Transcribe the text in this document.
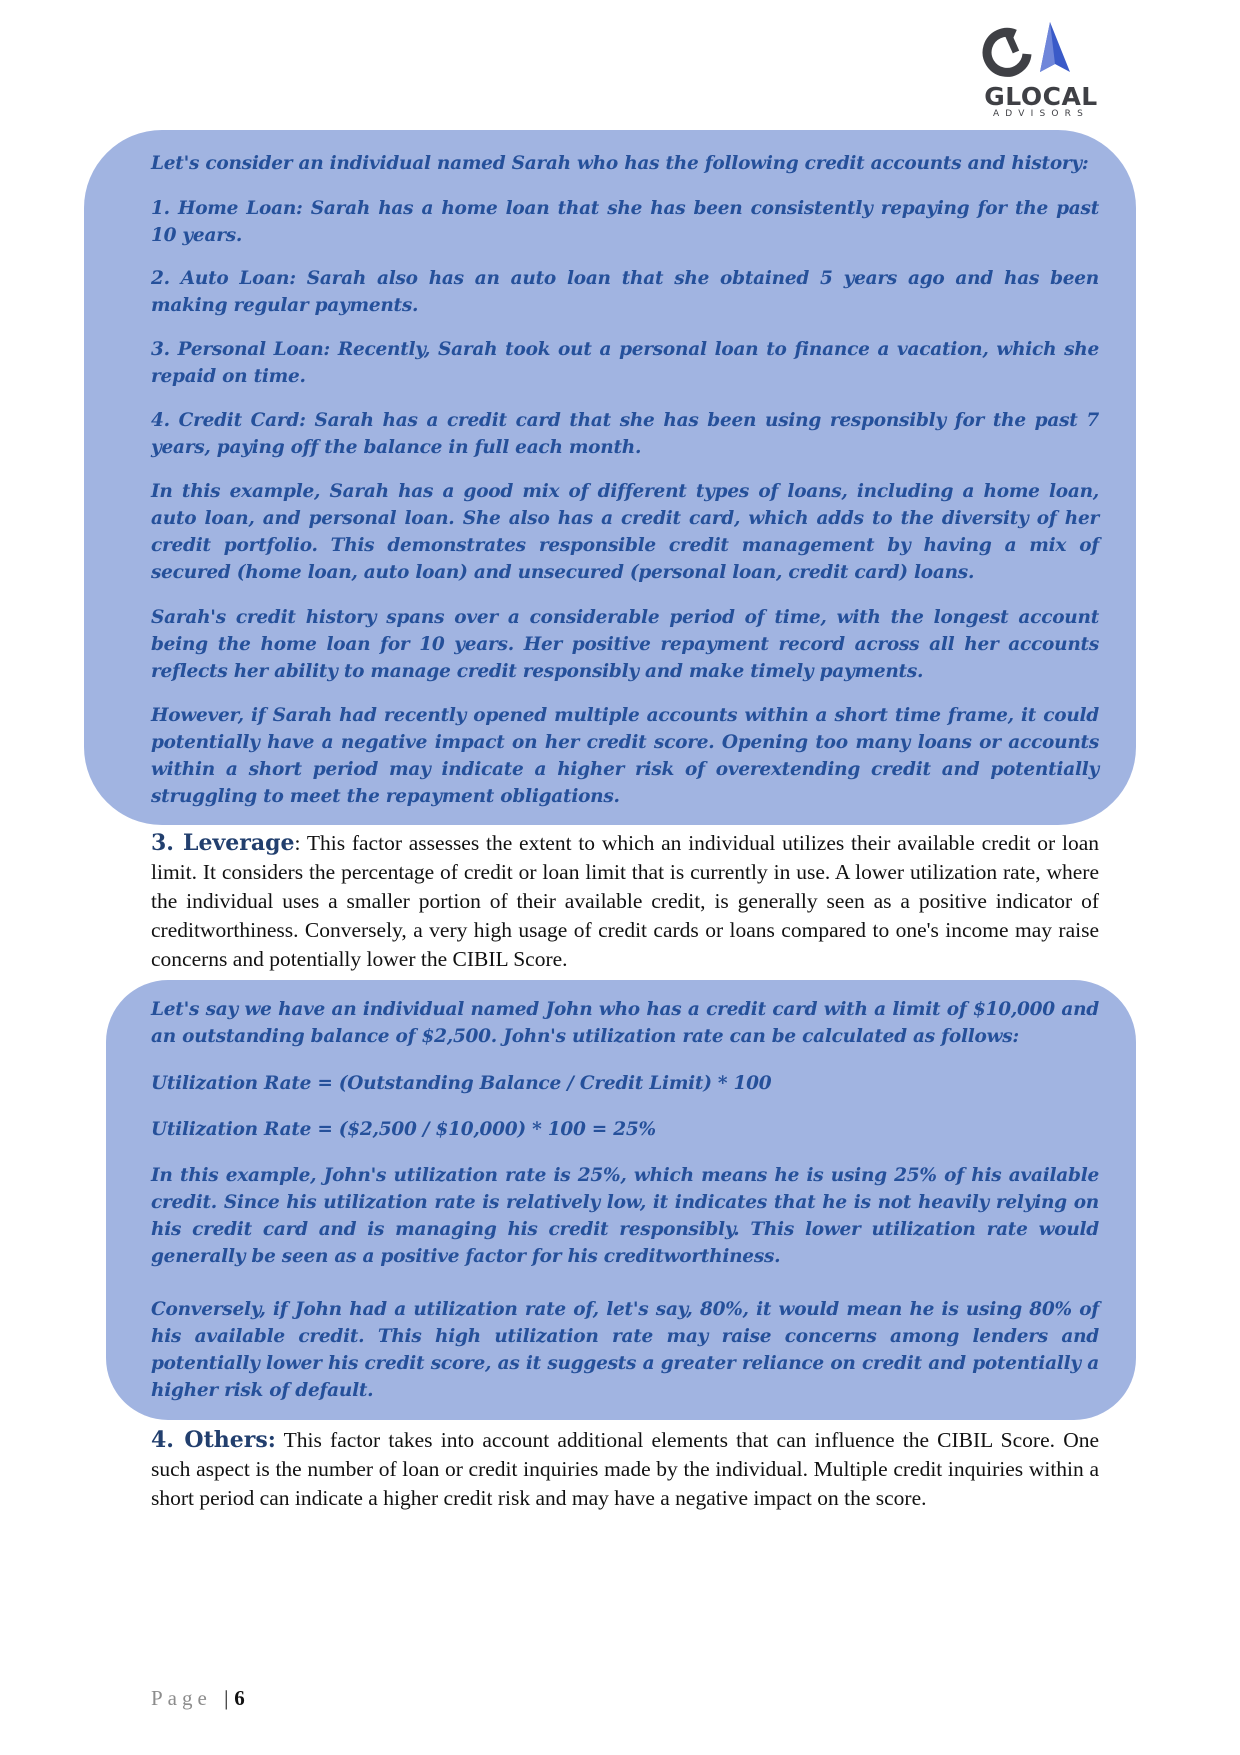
GLOCAL
ADVISORS

Let's consider an individual named Sarah who has the following credit accounts and history:

1. Home Loan: Sarah has a home loan that she has been consistently repaying for the past 10 years.

2. Auto Loan: Sarah also has an auto loan that she obtained 5 years ago and has been making regular payments.

3. Personal Loan: Recently, Sarah took out a personal loan to finance a vacation, which she repaid on time.

4. Credit Card: Sarah has a credit card that she has been using responsibly for the past 7 years, paying off the balance in full each month.

In this example, Sarah has a good mix of different types of loans, including a home loan, auto loan, and personal loan. She also has a credit card, which adds to the diversity of her credit portfolio. This demonstrates responsible credit management by having a mix of secured (home loan, auto loan) and unsecured (personal loan, credit card) loans.

Sarah's credit history spans over a considerable period of time, with the longest account being the home loan for 10 years. Her positive repayment record across all her accounts reflects her ability to manage credit responsibly and make timely payments.

However, if Sarah had recently opened multiple accounts within a short time frame, it could potentially have a negative impact on her credit score. Opening too many loans or accounts within a short period may indicate a higher risk of overextending credit and potentially struggling to meet the repayment obligations.

3. Leverage: This factor assesses the extent to which an individual utilizes their available credit or loan limit. It considers the percentage of credit or loan limit that is currently in use. A lower utilization rate, where the individual uses a smaller portion of their available credit, is generally seen as a positive indicator of creditworthiness. Conversely, a very high usage of credit cards or loans compared to one's income may raise concerns and potentially lower the CIBIL Score.

Let's say we have an individual named John who has a credit card with a limit of $10,000 and an outstanding balance of $2,500. John's utilization rate can be calculated as follows:

Utilization Rate = (Outstanding Balance / Credit Limit) * 100

Utilization Rate = ($2,500 / $10,000) * 100 = 25%

In this example, John's utilization rate is 25%, which means he is using 25% of his available credit. Since his utilization rate is relatively low, it indicates that he is not heavily relying on his credit card and is managing his credit responsibly. This lower utilization rate would generally be seen as a positive factor for his creditworthiness.

Conversely, if John had a utilization rate of, let's say, 80%, it would mean he is using 80% of his available credit. This high utilization rate may raise concerns among lenders and potentially lower his credit score, as it suggests a greater reliance on credit and potentially a higher risk of default.

4. Others: This factor takes into account additional elements that can influence the CIBIL Score. One such aspect is the number of loan or credit inquiries made by the individual. Multiple credit inquiries within a short period can indicate a higher credit risk and may have a negative impact on the score.

Page | 6
